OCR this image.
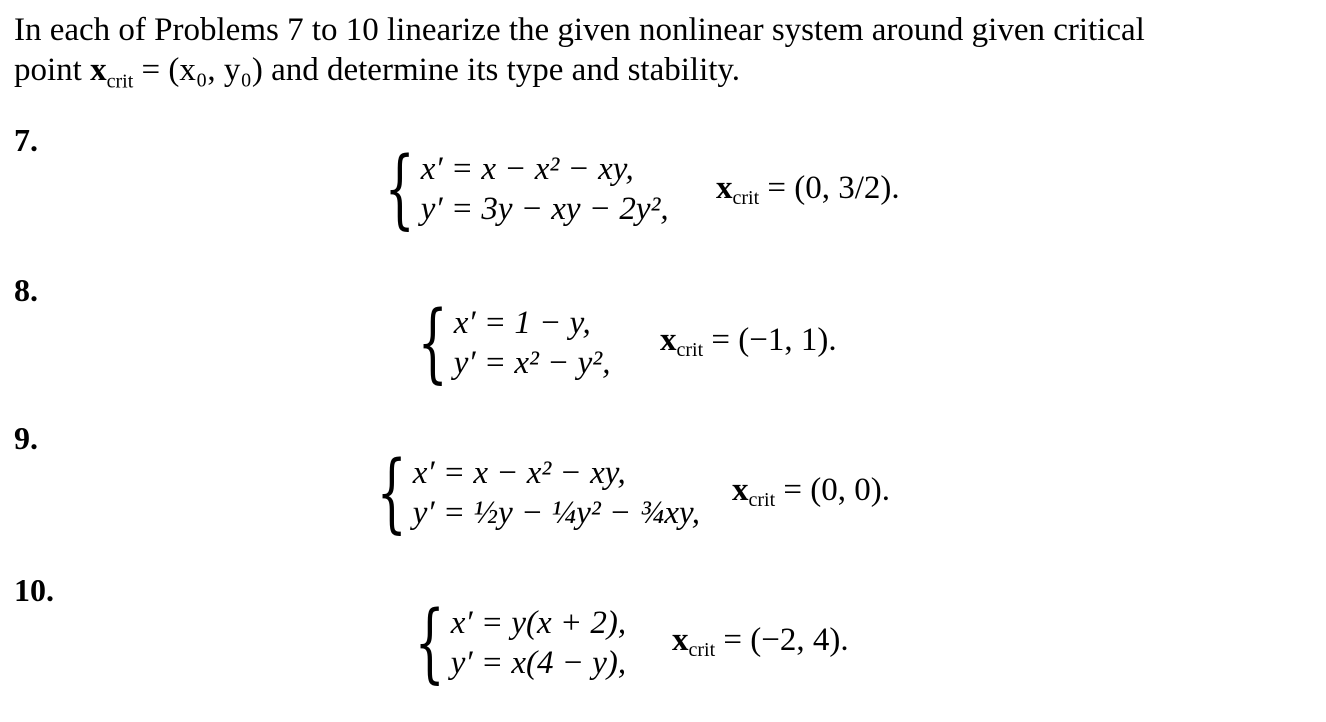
In each of Problems 7 to 10 linearize the given nonlinear system around given critical
point $x_{crit} = (x_0$, y₀) and determine its type and stability.
7.	{ x′ = x − x² − xy,
y′ = 3y − xy − 2y²,
$x_{crit} = (0$, 3/2).
8.
{ x′ = 1 − y,
y′ = x² − y²,
$x_{crit} = (-1$, 1).
9.
{ x′ = x − x² − xy,
y′ = ½y − ¼y² − ¾xy,
$x_{crit} = (0$, 0).
10.
{ x′ = y(x + 2),
y′ = x(4 − y),
$x_{crit} = (-2$, 4).
